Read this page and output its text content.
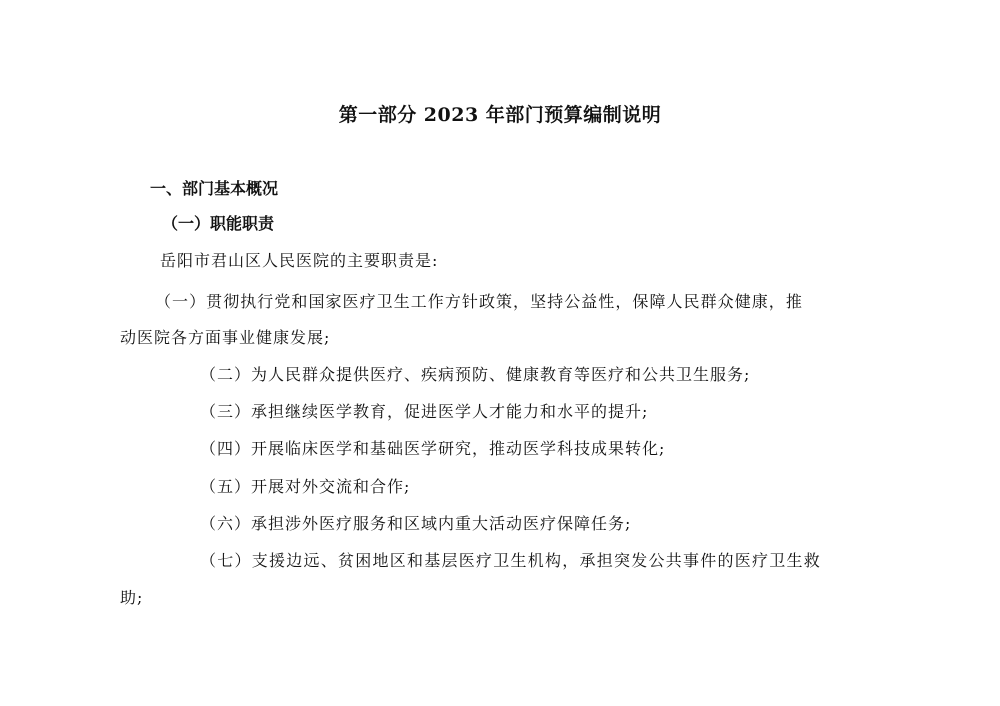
第一部分 2023 年部门预算编制说明
一、部门基本概况
（一）职能职责
岳阳市君山区人民医院的主要职责是:
（一）贯彻执行党和国家医疗卫生工作方针政策，坚持公益性，保障人民群众健康，推
动医院各方面事业健康发展;
（二）为人民群众提供医疗、疾病预防、健康教育等医疗和公共卫生服务;
（三）承担继续医学教育，促进医学人才能力和水平的提升;
（四）开展临床医学和基础医学研究，推动医学科技成果转化;
（五）开展对外交流和合作;
（六）承担涉外医疗服务和区域内重大活动医疗保障任务;
（七）支援边远、贫困地区和基层医疗卫生机构，承担突发公共事件的医疗卫生救
助;
